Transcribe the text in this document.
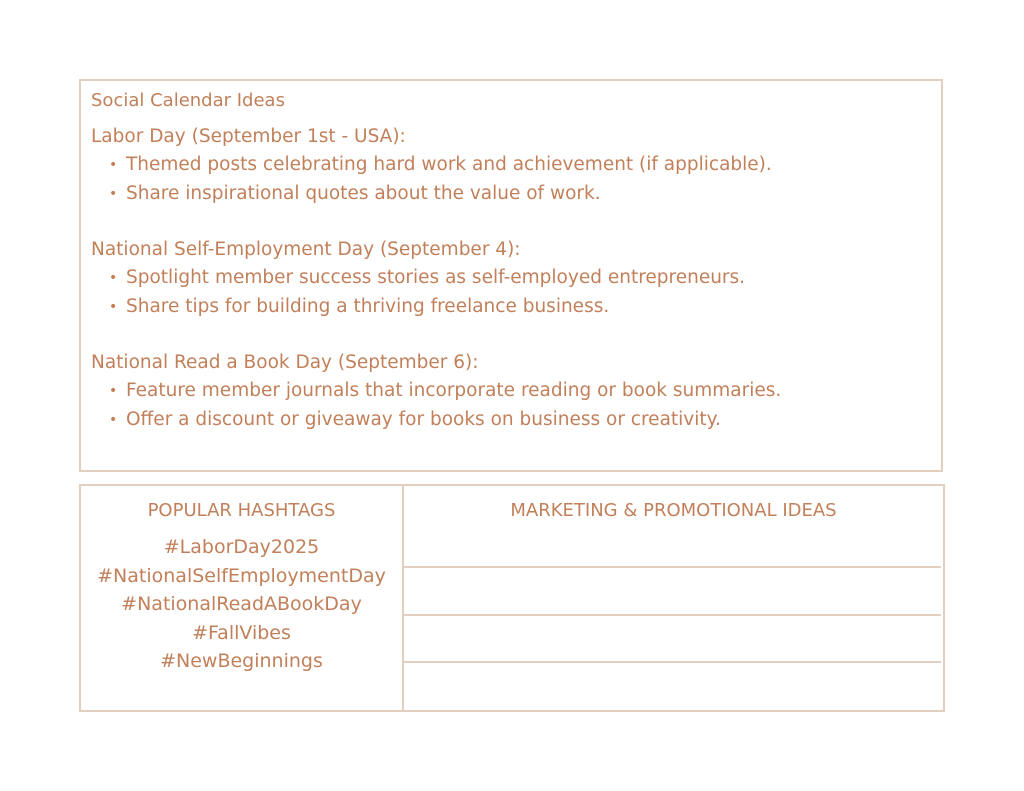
Social Calendar Ideas
Labor Day (September 1st - USA):
• Themed posts celebrating hard work and achievement (if applicable).
• Share inspirational quotes about the value of work.
National Self-Employment Day (September 4):
• Spotlight member success stories as self-employed entrepreneurs.
• Share tips for building a thriving freelance business.
National Read a Book Day (September 6):
• Feature member journals that incorporate reading or book summaries.
• Offer a discount or giveaway for books on business or creativity.
POPULAR HASHTAGS
#LaborDay2025
#NationalSelfEmploymentDay
#NationalReadABookDay
#FallVibes
#NewBeginnings
MARKETING & PROMOTIONAL IDEAS
